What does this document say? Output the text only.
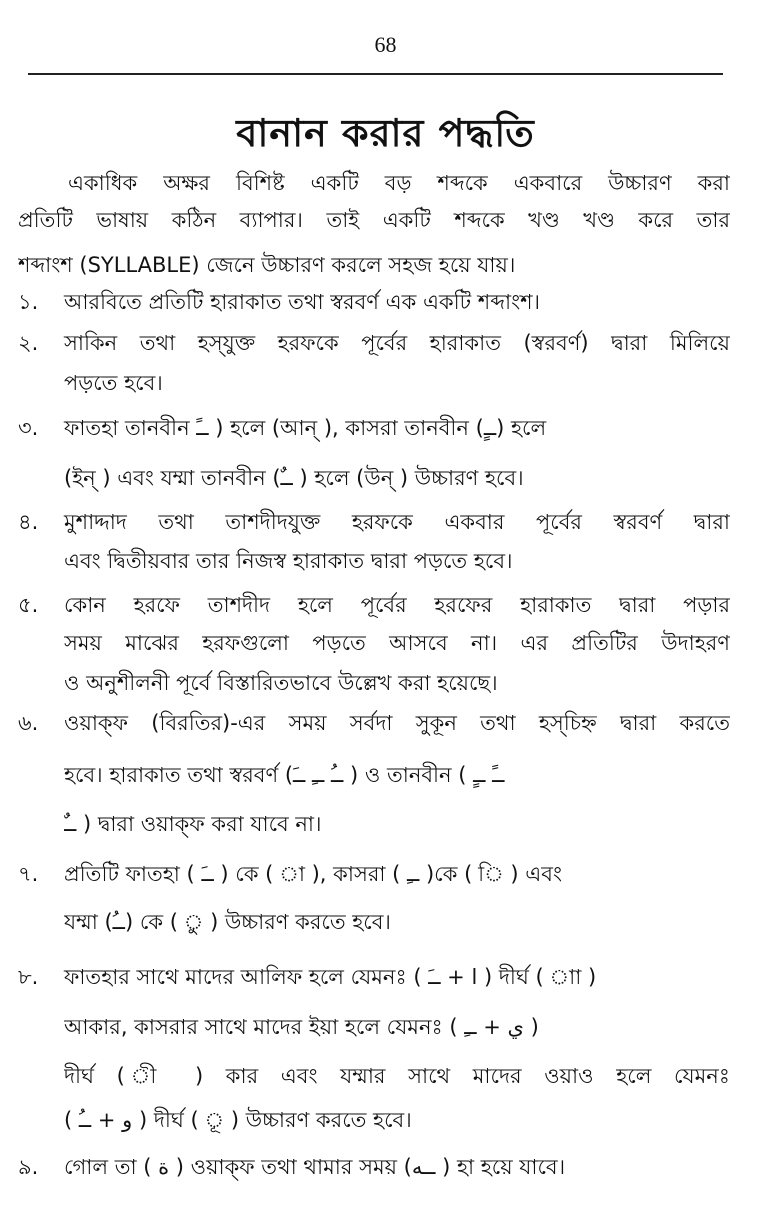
68
বানান করার পদ্ধতি
একাধিক অক্ষর বিশিষ্ট একটি বড় শব্দকে একবারে উচ্চারণ করা
প্রতিটি ভাষায় কঠিন ব্যাপার। তাই একটি শব্দকে খণ্ড খণ্ড করে তার
শব্দাংশ (SYLLABLE) জেনে উচ্চারণ করলে সহজ হয়ে যায়।
১. আরবিতে প্রতিটি হারাকাত তথা স্বরবর্ণ এক একটি শব্দাংশ।
২. সাকিন তথা হস্‌যুক্ত হরফকে পূর্বের হারাকাত (স্বরবর্ণ) দ্বারা মিলিয়ে
পড়তে হবে।
৩. ফাতহা তানবীন ــً ) হলে (আন্ ), কাসরা তানবীন (ــٍ) হলে
(ইন্ ) এবং যম্মা তানবীন (ــٌ ) হলে (উন্ ) উচ্চারণ হবে।
৪. মুশাদ্দাদ তথা তাশদীদযুক্ত হরফকে একবার পূর্বের স্বরবর্ণ দ্বারা
এবং দ্বিতীয়বার তার নিজস্ব হারাকাত দ্বারা পড়তে হবে।
৫. কোন হরফে তাশদীদ হলে পূর্বের হরফের হারাকাত দ্বারা পড়ার
সময় মাঝের হরফগুলো পড়তে আসবে না। এর প্রতিটির উদাহরণ
ও অনুশীলনী পূর্বে বিস্তারিতভাবে উল্লেখ করা হয়েছে।
৬. ওয়াক্‌ফ (বিরতির)-এর সময় সর্বদা সুকূন তথা হস্‌চিহ্ন দ্বারা করতে
হবে। হারাকাত তথা স্বরবর্ণ (ــُ ــِ ــَ ) ও তানবীন ( ــً ــٍ
ــٌ ) দ্বারা ওয়াক্‌ফ করা যাবে না।
৭. প্রতিটি ফাতহা ( ــَ ) কে ( া ), কাসরা ( ــِ )কে ( ি ) এবং
যম্মা (ــُ) কে ( ু ) উচ্চারণ করতে হবে।
৮. ফাতহার সাথে মাদের আলিফ হলে যেমনঃ ( ا + ــَ ) দীর্ঘ ( াা )
আকার, কাসরার সাথে মাদের ইয়া হলে যেমনঃ ( ي + ــِ )
দীর্ঘ ( ী ) কার এবং যম্মার সাথে মাদের ওয়াও হলে যেমনঃ
( و + ــُ ) দীর্ঘ ( ূ ) উচ্চারণ করতে হবে।
৯. গোল তা ( ة ) ওয়াক্‌ফ তথা থামার সময় (ــه ) হা হয়ে যাবে।
